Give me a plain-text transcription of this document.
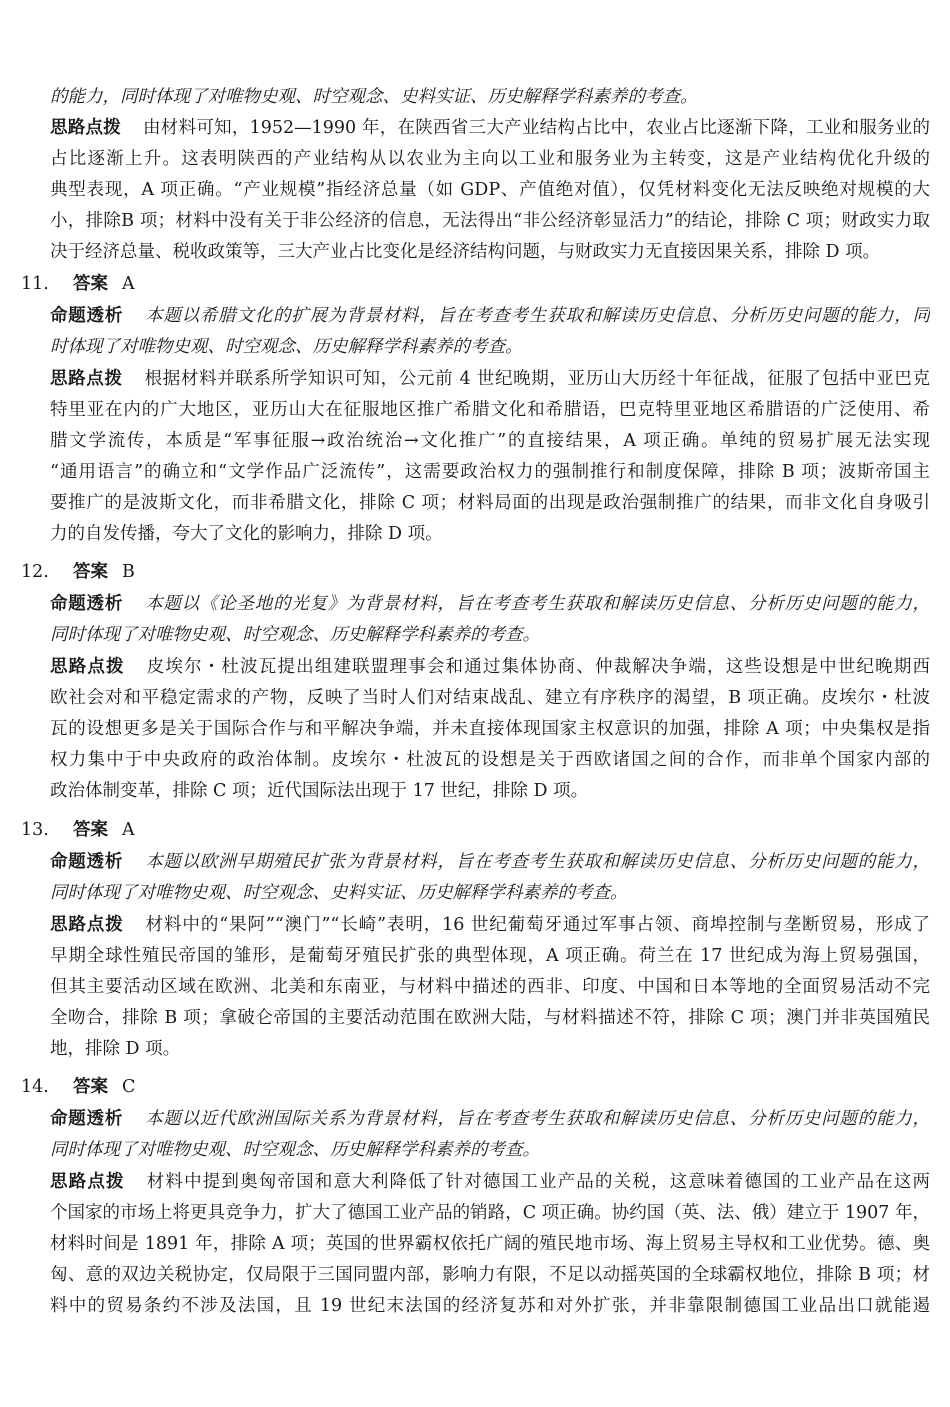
的能力，同时体现了对唯物史观、时空观念、史料实证、历史解释学科素养的考查。
思路点拨 由材料可知，1952—1990 年，在陕西省三大产业结构占比中，农业占比逐渐下降，工业和服务业的
占比逐渐上升。这表明陕西的产业结构从以农业为主向以工业和服务业为主转变，这是产业结构优化升级的
典型表现，A 项正确。“产业规模”指经济总量（如 GDP、产值绝对值），仅凭材料变化无法反映绝对规模的大
小，排除B 项；材料中没有关于非公经济的信息，无法得出“非公经济彰显活力”的结论，排除 C 项；财政实力取
决于经济总量、税收政策等，三大产业占比变化是经济结构问题，与财政实力无直接因果关系，排除 D 项。
11. 答案 A
命题透析 本题以希腊文化的扩展为背景材料，旨在考查考生获取和解读历史信息、分析历史问题的能力，同
时体现了对唯物史观、时空观念、历史解释学科素养的考查。
思路点拨 根据材料并联系所学知识可知，公元前 4 世纪晚期，亚历山大历经十年征战，征服了包括中亚巴克
特里亚在内的广大地区，亚历山大在征服地区推广希腊文化和希腊语，巴克特里亚地区希腊语的广泛使用、希
腊文学流传，本质是“军事征服→政治统治→文化推广”的直接结果，A 项正确。单纯的贸易扩展无法实现
“通用语言”的确立和“文学作品广泛流传”，这需要政治权力的强制推行和制度保障，排除 B 项；波斯帝国主
要推广的是波斯文化，而非希腊文化，排除 C 项；材料局面的出现是政治强制推广的结果，而非文化自身吸引
力的自发传播，夸大了文化的影响力，排除 D 项。
12. 答案 B
命题透析 本题以《论圣地的光复》为背景材料，旨在考查考生获取和解读历史信息、分析历史问题的能力，
同时体现了对唯物史观、时空观念、历史解释学科素养的考查。
思路点拨 皮埃尔・杜波瓦提出组建联盟理事会和通过集体协商、仲裁解决争端，这些设想是中世纪晚期西
欧社会对和平稳定需求的产物，反映了当时人们对结束战乱、建立有序秩序的渴望，B 项正确。皮埃尔・杜波
瓦的设想更多是关于国际合作与和平解决争端，并未直接体现国家主权意识的加强，排除 A 项；中央集权是指
权力集中于中央政府的政治体制。皮埃尔・杜波瓦的设想是关于西欧诸国之间的合作，而非单个国家内部的
政治体制变革，排除 C 项；近代国际法出现于 17 世纪，排除 D 项。
13. 答案 A
命题透析 本题以欧洲早期殖民扩张为背景材料，旨在考查考生获取和解读历史信息、分析历史问题的能力，
同时体现了对唯物史观、时空观念、史料实证、历史解释学科素养的考查。
思路点拨 材料中的“果阿”“澳门”“长崎”表明，16 世纪葡萄牙通过军事占领、商埠控制与垄断贸易，形成了
早期全球性殖民帝国的雏形，是葡萄牙殖民扩张的典型体现，A 项正确。荷兰在 17 世纪成为海上贸易强国，
但其主要活动区域在欧洲、北美和东南亚，与材料中描述的西非、印度、中国和日本等地的全面贸易活动不完
全吻合，排除 B 项；拿破仑帝国的主要活动范围在欧洲大陆，与材料描述不符，排除 C 项；澳门并非英国殖民
地，排除 D 项。
14. 答案 C
命题透析 本题以近代欧洲国际关系为背景材料，旨在考查考生获取和解读历史信息、分析历史问题的能力，
同时体现了对唯物史观、时空观念、历史解释学科素养的考查。
思路点拨 材料中提到奥匈帝国和意大利降低了针对德国工业产品的关税，这意味着德国的工业产品在这两
个国家的市场上将更具竞争力，扩大了德国工业产品的销路，C 项正确。协约国（英、法、俄）建立于 1907 年，
材料时间是 1891 年，排除 A 项；英国的世界霸权依托广阔的殖民地市场、海上贸易主导权和工业优势。德、奥
匈、意的双边关税协定，仅局限于三国同盟内部，影响力有限，不足以动摇英国的全球霸权地位，排除 B 项；材
料中的贸易条约不涉及法国，且 19 世纪末法国的经济复苏和对外扩张，并非靠限制德国工业品出口就能遏
